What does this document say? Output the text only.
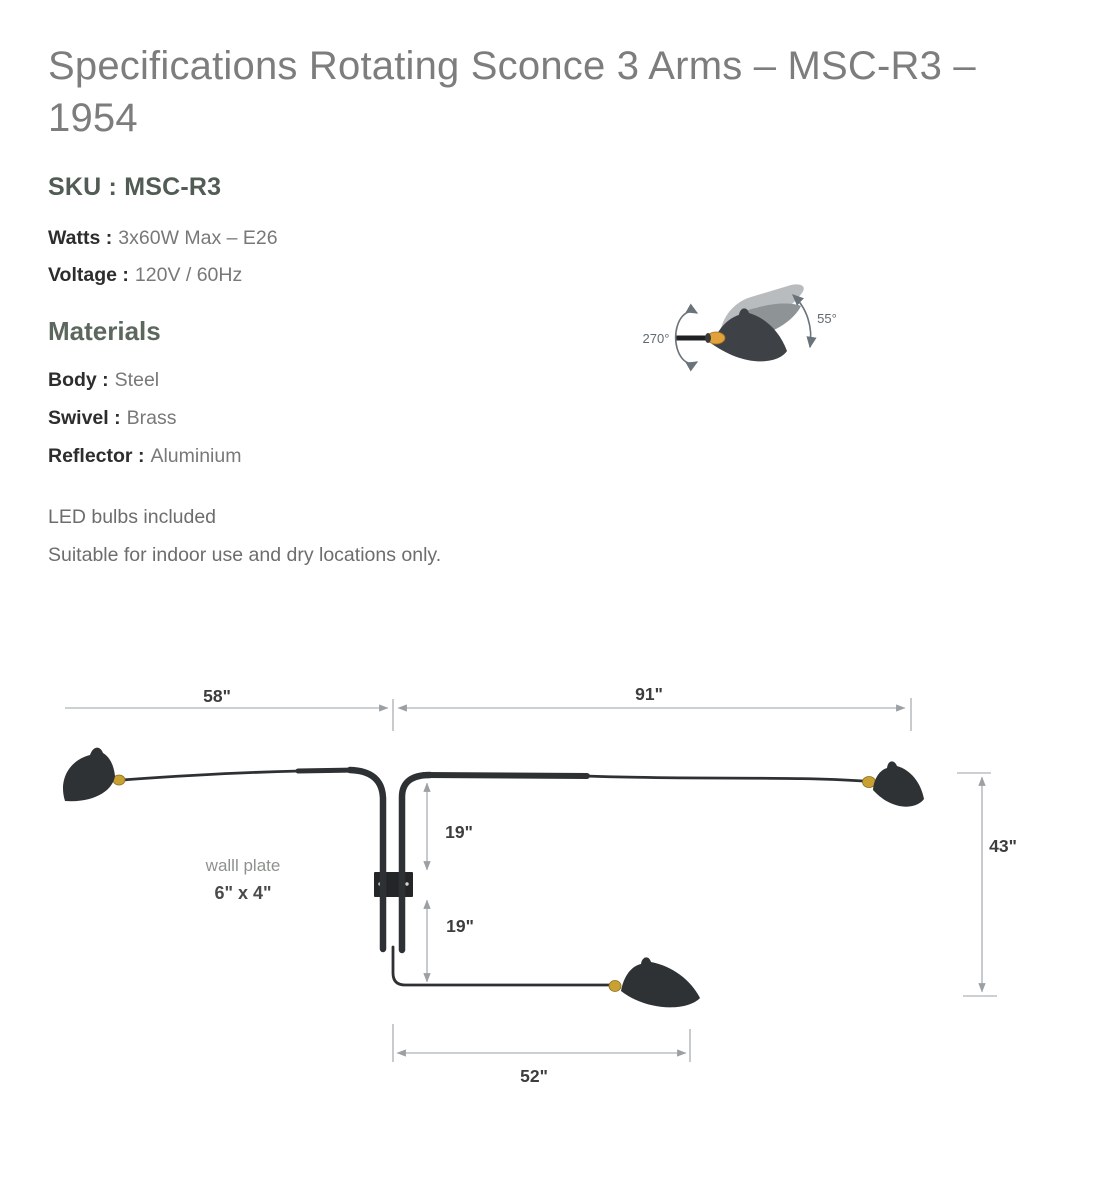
Specifications Rotating Sconce 3 Arms – MSC-R3 – 1954
SKU : MSC-R3

Watts : 3x60W Max – E26

Voltage : 120V / 60Hz

Materials

Body : Steel

Swivel : Brass

Reflector : Aluminium

LED bulbs included

Suitable for indoor use and dry locations only.

270°
55°
58"	91"
19"
19"
43"
52"
walll plate
6" x 4"
